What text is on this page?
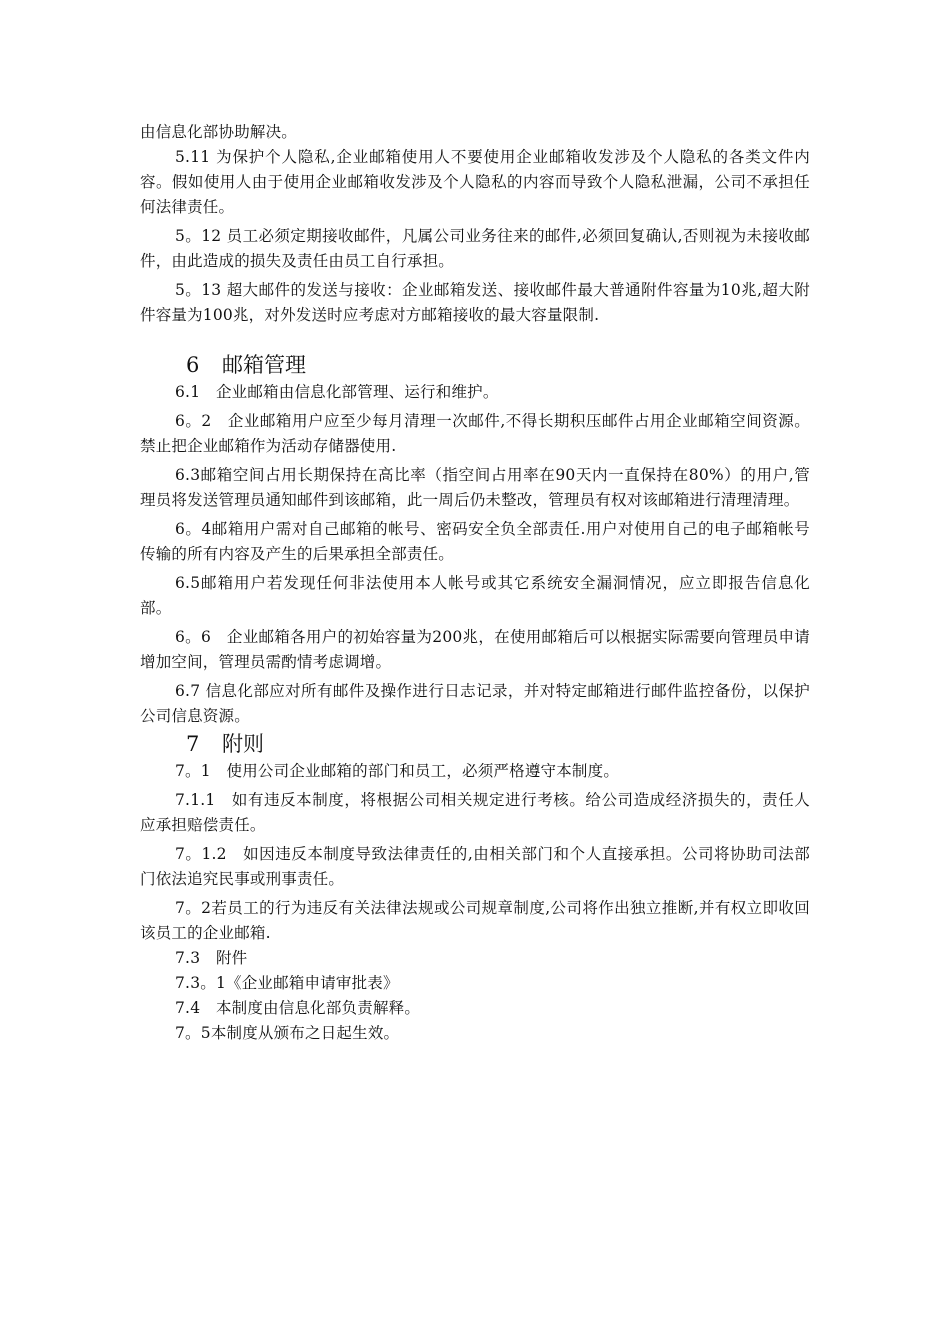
由信息化部协助解决。

5.11 为保护个人隐私,企业邮箱使用人不要使用企业邮箱收发涉及个人隐私的各类文件内容。假如使用人由于使用企业邮箱收发涉及个人隐私的内容而导致个人隐私泄漏，公司不承担任何法律责任。

5。12 员工必须定期接收邮件，凡属公司业务往来的邮件,必须回复确认,否则视为未接收邮件，由此造成的损失及责任由员工自行承担。

5。13 超大邮件的发送与接收：企业邮箱发送、接收邮件最大普通附件容量为10兆,超大附件容量为100兆，对外发送时应考虑对方邮箱接收的最大容量限制.

6 邮箱管理

6.1　企业邮箱由信息化部管理、运行和维护。

6。2　企业邮箱用户应至少每月清理一次邮件,不得长期积压邮件占用企业邮箱空间资源。禁止把企业邮箱作为活动存储器使用.

6.3邮箱空间占用长期保持在高比率（指空间占用率在90天内一直保持在80%）的用户,管理员将发送管理员通知邮件到该邮箱，此一周后仍未整改，管理员有权对该邮箱进行清理清理。

6。4邮箱用户需对自己邮箱的帐号、密码安全负全部责任.用户对使用自己的电子邮箱帐号传输的所有内容及产生的后果承担全部责任。

6.5邮箱用户若发现任何非法使用本人帐号或其它系统安全漏洞情况，应立即报告信息化部。

6。6　企业邮箱各用户的初始容量为200兆，在使用邮箱后可以根据实际需要向管理员申请增加空间，管理员需酌情考虑调增。

6.7 信息化部应对所有邮件及操作进行日志记录，并对特定邮箱进行邮件监控备份，以保护公司信息资源。

7 附则

7。1　使用公司企业邮箱的部门和员工，必须严格遵守本制度。

7.1.1　如有违反本制度，将根据公司相关规定进行考核。给公司造成经济损失的，责任人应承担赔偿责任。

7。1.2　如因违反本制度导致法律责任的,由相关部门和个人直接承担。公司将协助司法部门依法追究民事或刑事责任。

7。2若员工的行为违反有关法律法规或公司规章制度,公司将作出独立推断,并有权立即收回该员工的企业邮箱.

7.3　附件

7.3。1《企业邮箱申请审批表》

7.4　本制度由信息化部负责解释。

7。5本制度从颁布之日起生效。
